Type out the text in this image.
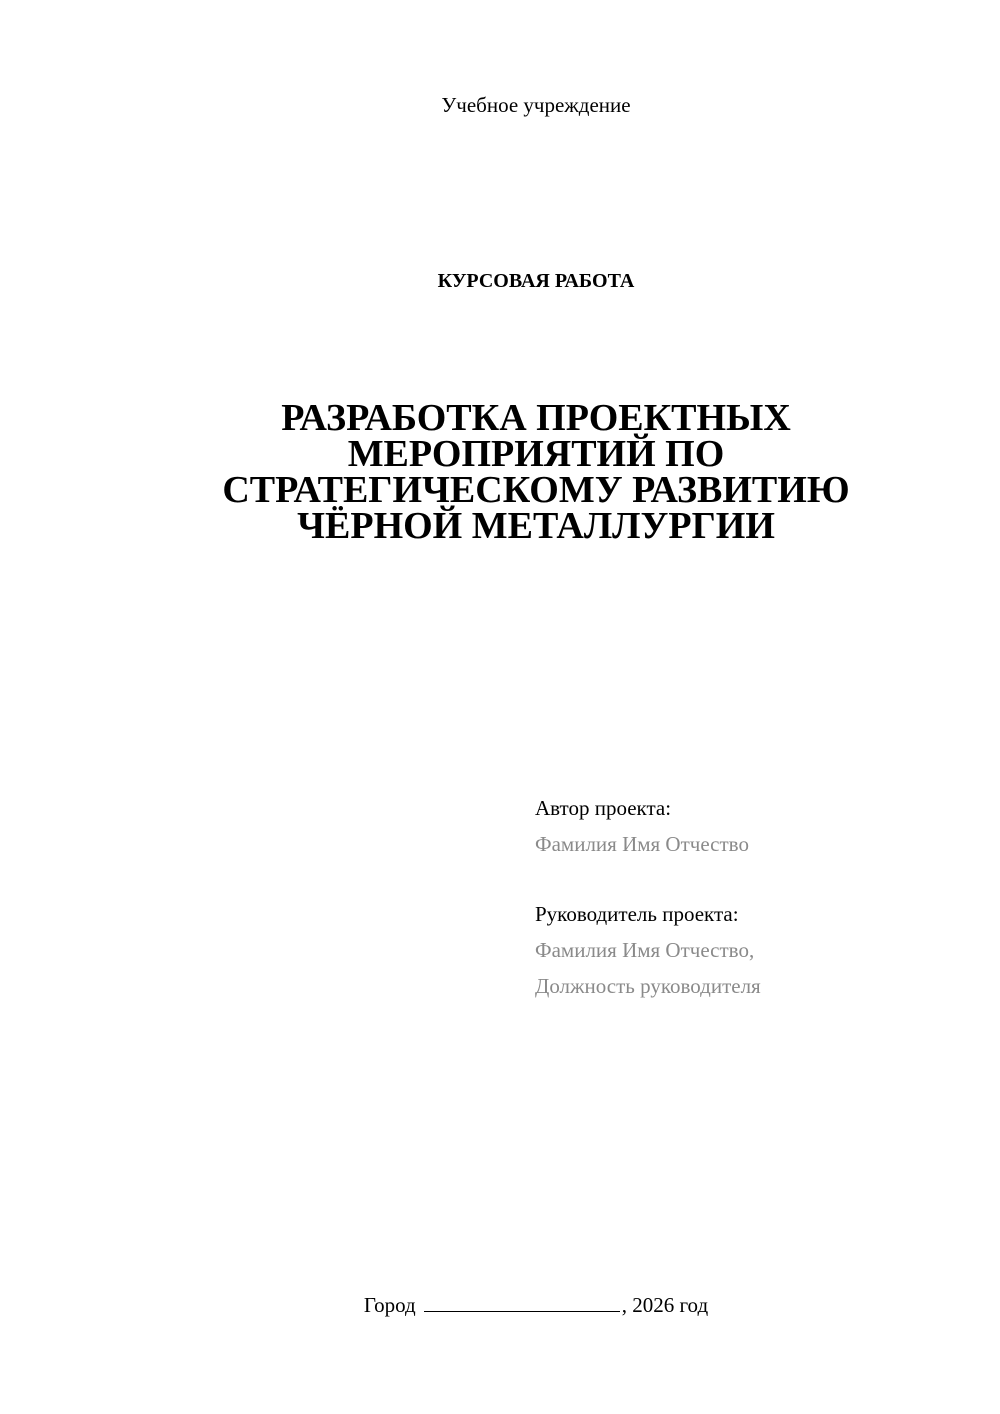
Учебное учреждение
КУРСОВАЯ РАБОТА
РАЗРАБОТКА ПРОЕКТНЫХ
МЕРОПРИЯТИЙ ПО
СТРАТЕГИЧЕСКОМУ РАЗВИТИЮ
ЧЁРНОЙ МЕТАЛЛУРГИИ
Автор проекта:
Фамилия Имя Отчество
Руководитель проекта:
Фамилия Имя Отчество,
Должность руководителя
Город	, 2026 год
